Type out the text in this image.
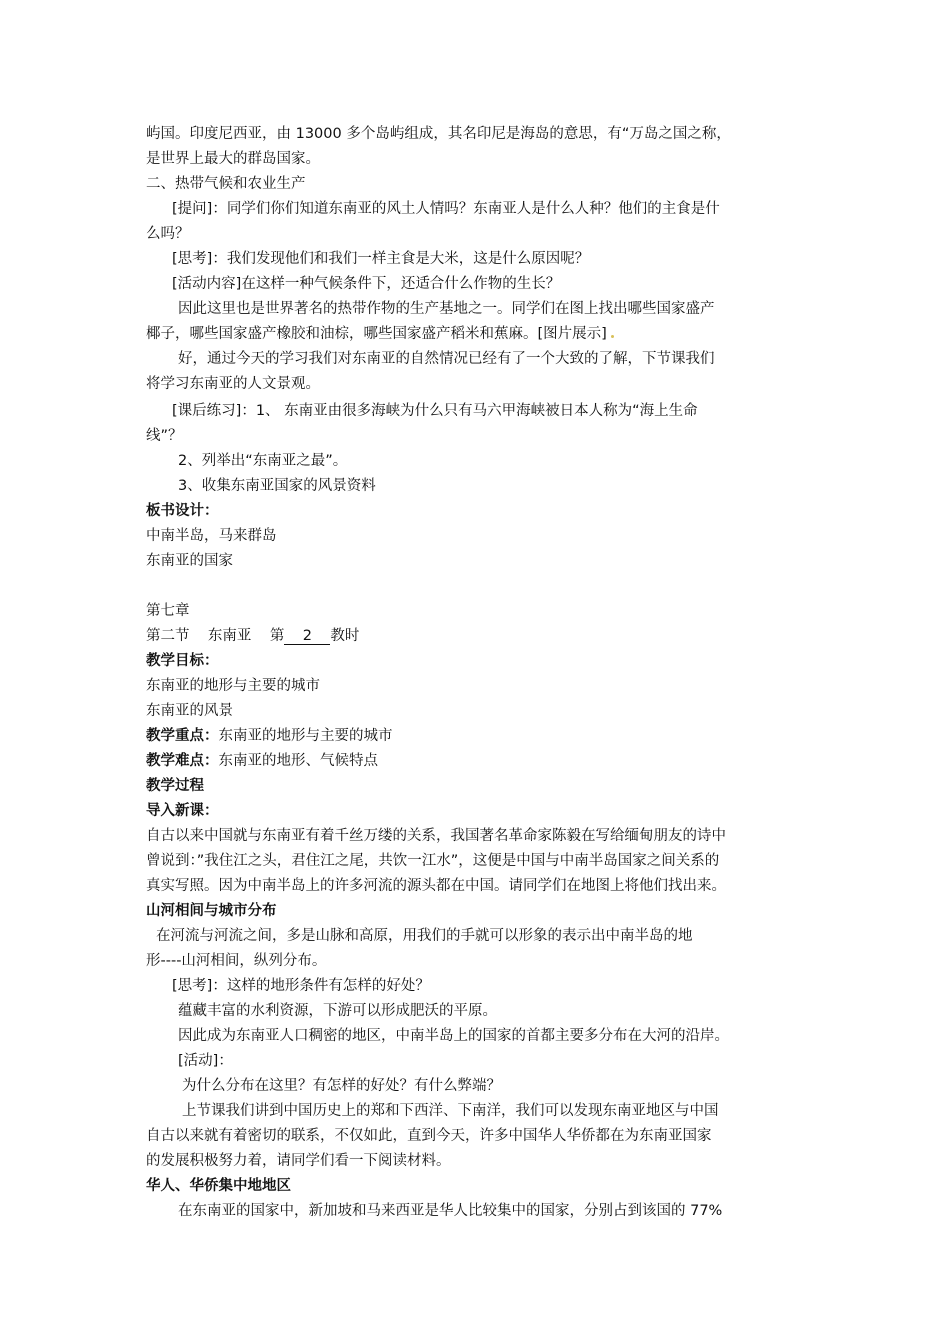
屿国。印度尼西亚，由 13000 多个岛屿组成，其名印尼是海岛的意思，有“万岛之国之称，
是世界上最大的群岛国家。
二、热带气候和农业生产
[提问]：同学们你们知道东南亚的风土人情吗？东南亚人是什么人种？他们的主食是什
么吗？
[思考]：我们发现他们和我们一样主食是大米，这是什么原因呢？
[活动内容]在这样一种气候条件下，还适合什么作物的生长？
因此这里也是世界著名的热带作物的生产基地之一。同学们在图上找出哪些国家盛产
椰子，哪些国家盛产橡胶和油棕，哪些国家盛产稻米和蕉麻。[图片展示]
好，通过今天的学习我们对东南亚的自然情况已经有了一个大致的了解，下节课我们
将学习东南亚的人文景观。
[课后练习]：1、 东南亚由很多海峡为什么只有马六甲海峡被日本人称为“海上生命
线”？
2、列举出“东南亚之最”。
3、收集东南亚国家的风景资料
板书设计：
中南半岛，马来群岛
东南亚的国家
第七章
第二节    东南亚    第 2 教时
教学目标：
东南亚的地形与主要的城市
东南亚的风景
教学重点：东南亚的地形与主要的城市
教学难点：东南亚的地形、气候特点
教学过程
导入新课：
自古以来中国就与东南亚有着千丝万缕的关系，我国著名革命家陈毅在写给缅甸朋友的诗中
曾说到：”我住江之头，君住江之尾，共饮一江水”，这便是中国与中南半岛国家之间关系的
真实写照。因为中南半岛上的许多河流的源头都在中国。请同学们在地图上将他们找出来。
山河相间与城市分布
在河流与河流之间，多是山脉和高原，用我们的手就可以形象的表示出中南半岛的地
形----山河相间，纵列分布。
[思考]：这样的地形条件有怎样的好处？
蕴藏丰富的水利资源，下游可以形成肥沃的平原。
因此成为东南亚人口稠密的地区，中南半岛上的国家的首都主要多分布在大河的沿岸。
[活动]：
为什么分布在这里？有怎样的好处？有什么弊端？
上节课我们讲到中国历史上的郑和下西洋、下南洋，我们可以发现东南亚地区与中国
自古以来就有着密切的联系，不仅如此，直到今天，许多中国华人华侨都在为东南亚国家
的发展积极努力着，请同学们看一下阅读材料。
华人、华侨集中地地区
在东南亚的国家中，新加坡和马来西亚是华人比较集中的国家，分别占到该国的 77%
